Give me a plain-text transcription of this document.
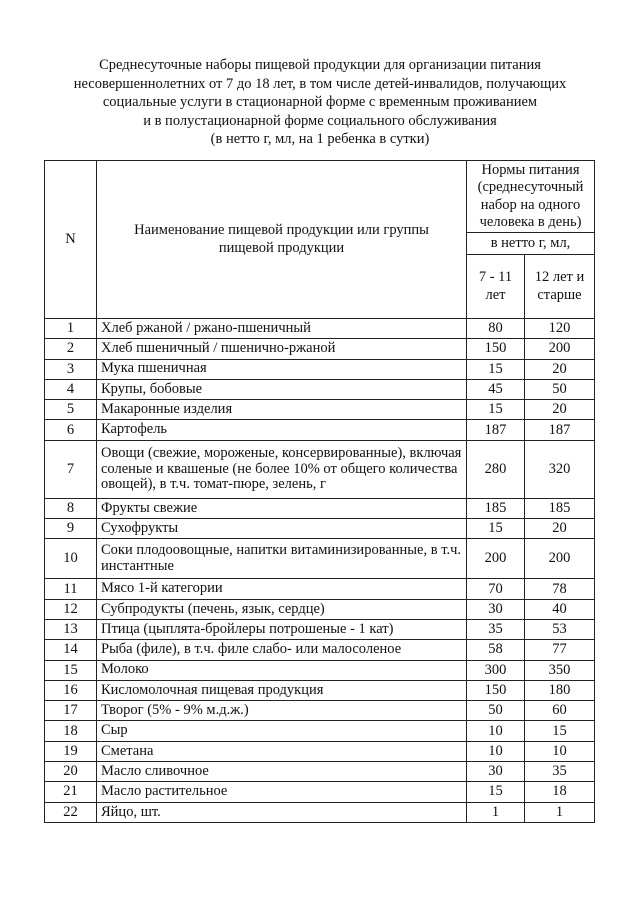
Среднесуточные наборы пищевой продукции для организации питания
несовершеннолетних от 7 до 18 лет, в том числе детей-инвалидов, получающих
социальные услуги в стационарной форме с временным проживанием
и в полустационарной форме социального обслуживания
(в нетто г, мл, на 1 ребенка в сутки)
N	Наименование пищевой продукции или группы пищевой продукции	Нормы питания (среднесуточный набор на одного человека в день)	
		в нетто г, мл,	
		7 - 11 лет	12 лет и старше
1	Хлеб ржаной / ржано-пшеничный	80	120
2	Хлеб пшеничный / пшенично-ржаной	150	200
3	Мука пшеничная	15	20
4	Крупы, бобовые	45	50
5	Макаронные изделия	15	20
6	Картофель	187	187
7	Овощи (свежие, мороженые, консервированные), включая соленые и квашеные (не более 10% от общего количества овощей), в т.ч. томат-пюре, зелень, г	280	320
8	Фрукты свежие	185	185
9	Сухофрукты	15	20
10	Соки плодоовощные, напитки витаминизированные, в т.ч. инстантные	200	200
11	Мясо 1-й категории	70	78
12	Субпродукты (печень, язык, сердце)	30	40
13	Птица (цыплята-бройлеры потрошеные - 1 кат)	35	53
14	Рыба (филе), в т.ч. филе слабо- или малосоленое	58	77
15	Молоко	300	350
16	Кисломолочная пищевая продукция	150	180
17	Творог (5% - 9% м.д.ж.)	50	60
18	Сыр	10	15
19	Сметана	10	10
20	Масло сливочное	30	35
21	Масло растительное	15	18
22	Яйцо, шт.	1	1
